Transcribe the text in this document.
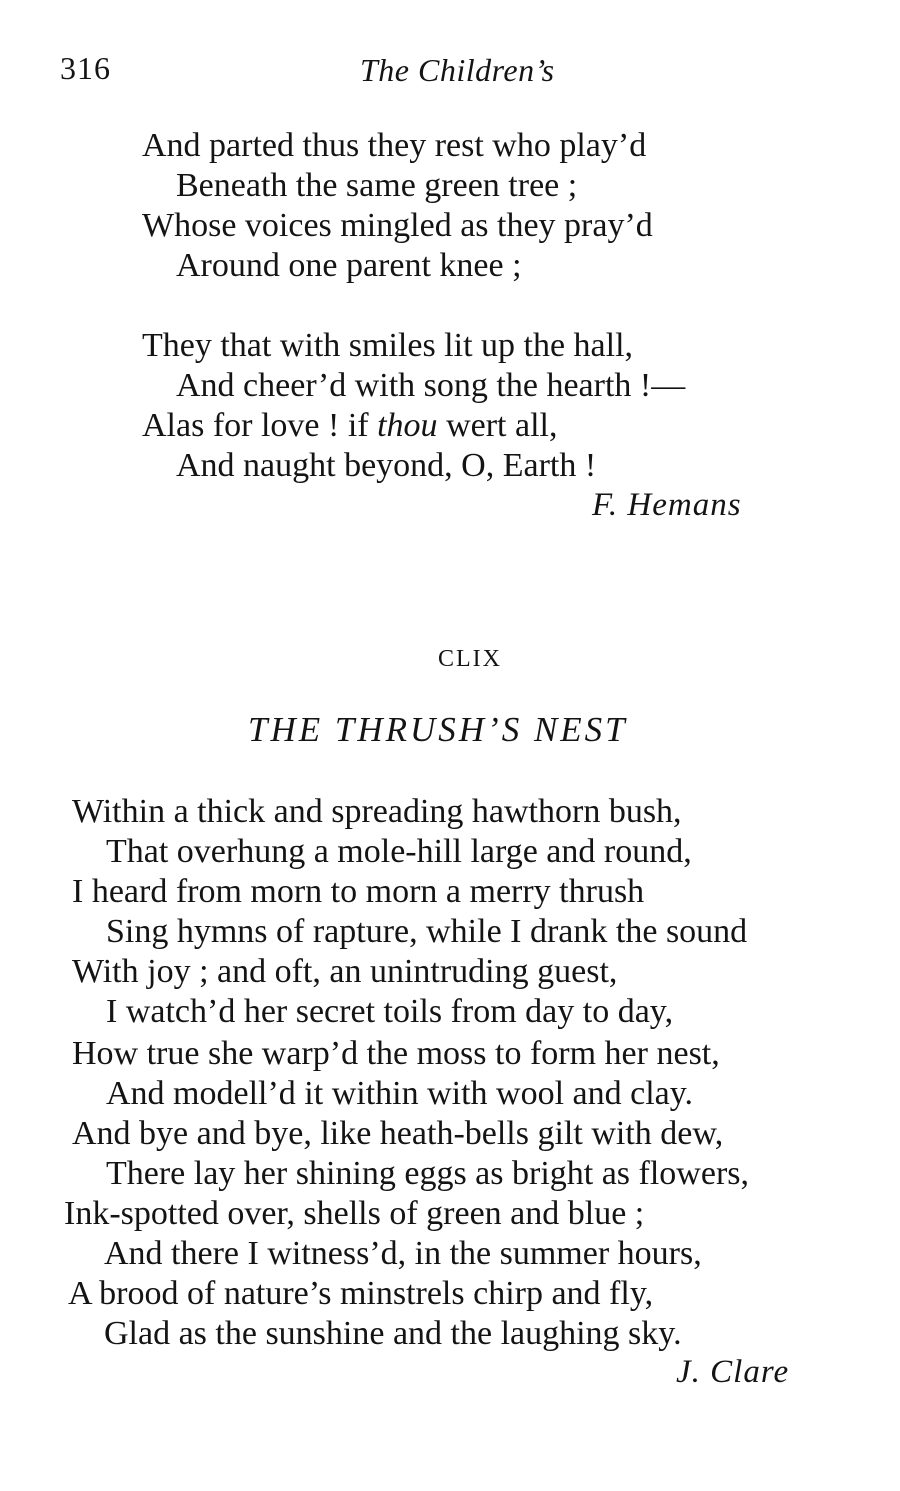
316	The Children’s
And parted thus they rest who play’d
Beneath the same green tree ;
Whose voices mingled as they pray’d
Around one parent knee ;
They that with smiles lit up the hall,
And cheer’d with song the hearth !—
Alas for love ! if thou wert all,
And naught beyond, O, Earth !
F. Hemans
CLIX
THE THRUSH’S NEST
Within a thick and spreading hawthorn bush,
That overhung a mole-hill large and round,
I heard from morn to morn a merry thrush
Sing hymns of rapture, while I drank the sound
With joy ; and oft, an unintruding guest,
I watch’d her secret toils from day to day,
How true she warp’d the moss to form her nest,
And modell’d it within with wool and clay.
And bye and bye, like heath-bells gilt with dew,
There lay her shining eggs as bright as flowers,
Ink-spotted over, shells of green and blue ;
And there I witness’d, in the summer hours,
A brood of nature’s minstrels chirp and fly,
Glad as the sunshine and the laughing sky.
J. Clare
